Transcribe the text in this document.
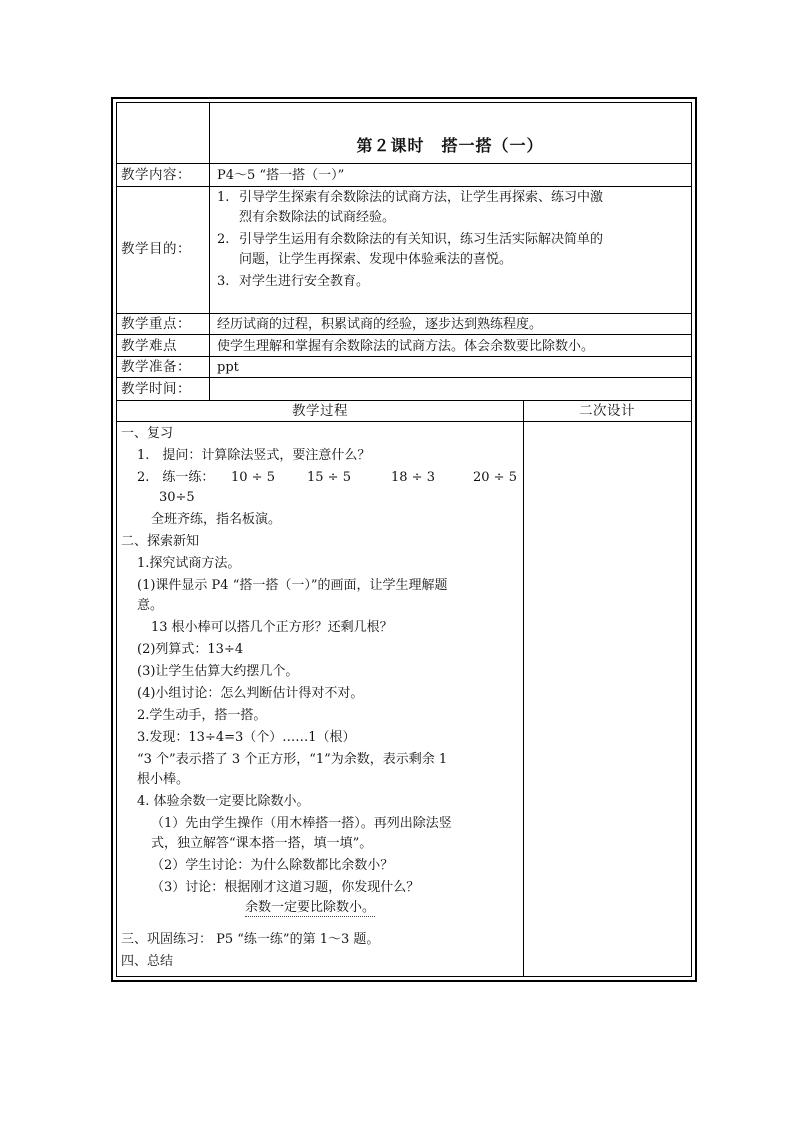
第２课时　搭一搭（一）
教学内容： P4～5 “搭一搭（一）”
教学目的：
1. 引导学生探索有余数除法的试商方法，让学生再探索、练习中激
烈有余数除法的试商经验。
2. 引导学生运用有余数除法的有关知识，练习生活实际解决简单的
问题，让学生再探索、发现中体验乘法的喜悦。
3. 对学生进行安全教育。
教学重点： 经历试商的过程，积累试商的经验，逐步达到熟练程度。
教学难点	使学生理解和掌握有余数除法的试商方法。体会余数要比除数小。
教学准备： ppt
教学时间：
教学过程	二次设计
一、复习
1.　提问：计算除法竖式，要注意什么？
2.　练一练： 10 ÷ 5 15 ÷ 5	18 ÷ 3	20 ÷ 5
30÷5
全班齐练，指名板演。
二、探索新知
1.探究试商方法。
(1)课件显示 P4 “搭一搭（一）”的画面，让学生理解题
意。
13 根小棒可以搭几个正方形？还剩几根？
(2)列算式：13÷4
(3)让学生估算大约摆几个。
(4)小组讨论：怎么判断估计得对不对。
2.学生动手，搭一搭。
3.发现：13÷4=3（个）……1（根）
“3 个”表示搭了 3 个正方形，“1”为余数，表示剩余 1
根小棒。
4. 体验余数一定要比除数小。
（1）先由学生操作（用木棒搭一搭）。再列出除法竖
式，独立解答“课本搭一搭，填一填”。
（2）学生讨论：为什么除数都比余数小？
（3）讨论：根据刚才这道习题，你发现什么？
余数一定要比除数小。
三、巩固练习： P5 “练一练”的第 1～3 题。
四、总结
